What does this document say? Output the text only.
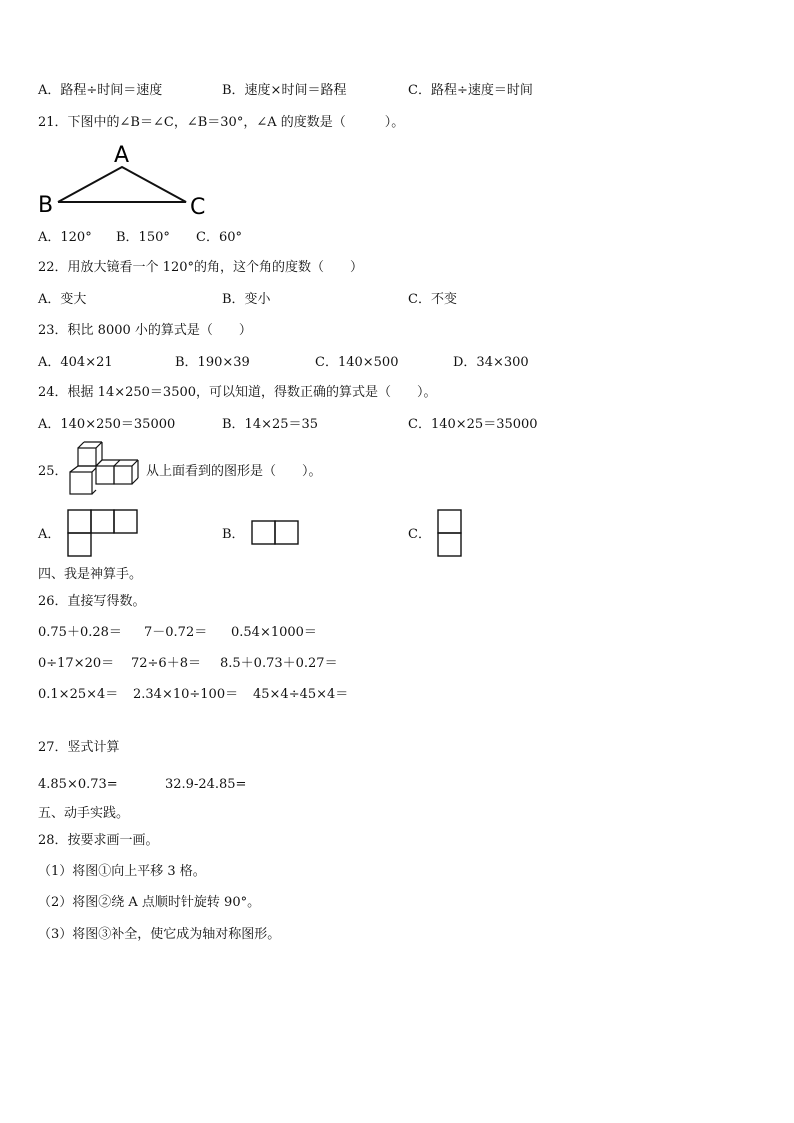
A．路程÷时间＝速度	B．速度×时间＝路程	C．路程÷速度＝时间
21．下图中的∠B＝∠C，∠B＝30°，∠A 的度数是（　　　）。
A
B	C
A．120° B．150° C．60°
22．用放大镜看一个 120°的角，这个角的度数（　　）
A．变大	B．变小	C．不变
23．积比 8000 小的算式是（　　）
A．404×21	B．190×39	C．140×500	D．34×300
24．根据 14×250＝3500，可以知道，得数正确的算式是（　　）。
A．140×250＝35000	B．14×25＝35	C．140×25＝35000
25．	从上面看到的图形是（　　）。
A．	B．	C．
四、我是神算手。
26．直接写得数。
0.75＋0.28＝ 7－0.72＝ 0.54×1000＝
0÷17×20＝ 72÷6＋8＝ 8.5＋0.73＋0.27＝
0.1×25×4＝ 2.34×10÷100＝ 45×4÷45×4＝
27．竖式计算
4.85×0.73=	32.9-24.85=
五、动手实践。
28．按要求画一画。
（1）将图①向上平移 3 格。
（2）将图②绕 A 点顺时针旋转 90°。
（3）将图③补全，使它成为轴对称图形。
